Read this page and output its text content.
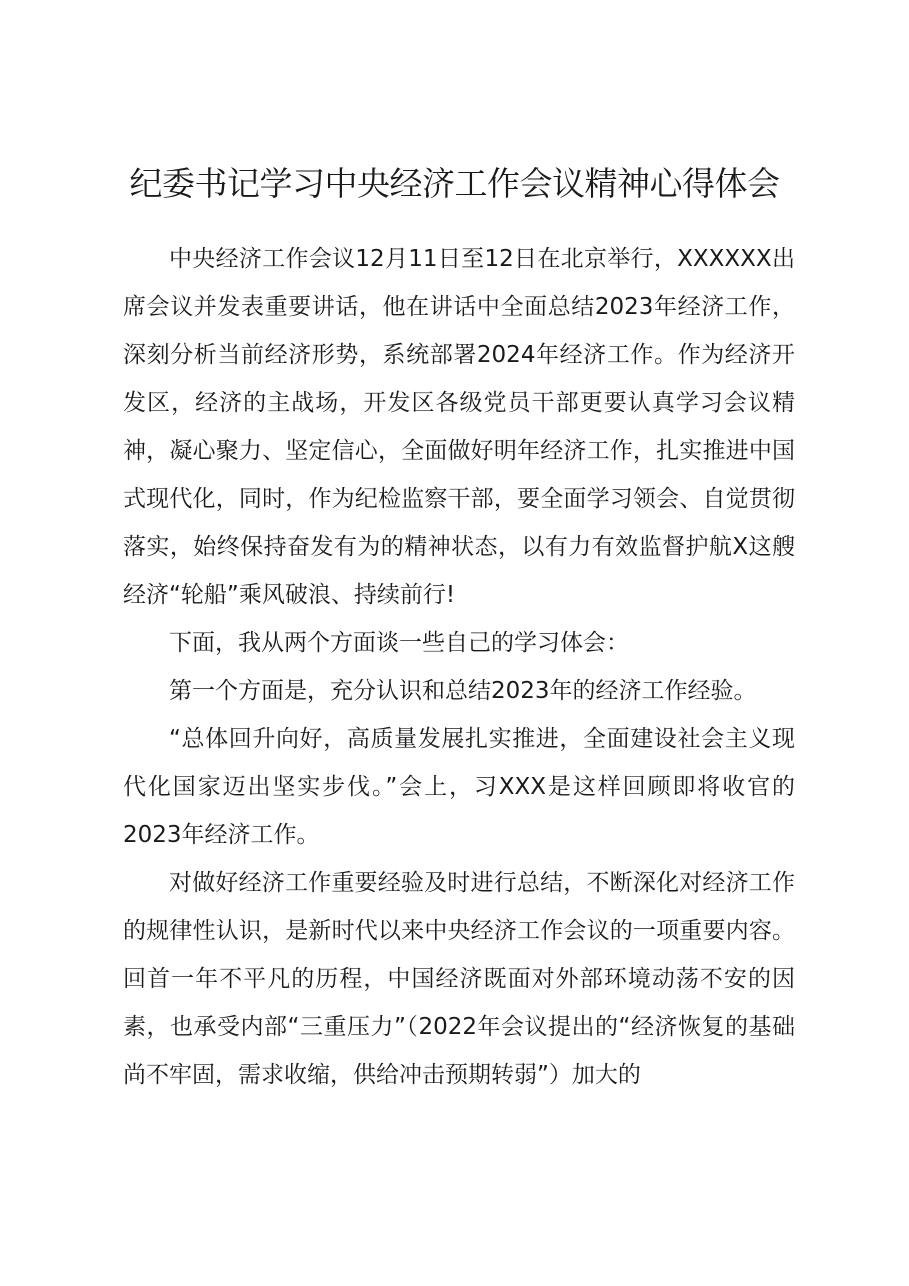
纪委书记学习中央经济工作会议精神心得体会

中央经济工作会议12月11日至12日在北京举行，XXXXXX出席会议并发表重要讲话，他在讲话中全面总结2023年经济工作，深刻分析当前经济形势，系统部署2024年经济工作。作为经济开发区，经济的主战场，开发区各级党员干部更要认真学习会议精神，凝心聚力、坚定信心，全面做好明年经济工作，扎实推进中国式现代化，同时，作为纪检监察干部，要全面学习领会、自觉贯彻落实，始终保持奋发有为的精神状态，以有力有效监督护航X这艘经济“轮船”乘风破浪、持续前行!

下面，我从两个方面谈一些自己的学习体会：

第一个方面是，充分认识和总结2023年的经济工作经验。

“总体回升向好，高质量发展扎实推进，全面建设社会主义现代化国家迈出坚实步伐。”会上，习XXX是这样回顾即将收官的2023年经济工作。

对做好经济工作重要经验及时进行总结，不断深化对经济工作的规律性认识，是新时代以来中央经济工作会议的一项重要内容。回首一年不平凡的历程，中国经济既面对外部环境动荡不安的因素，也承受内部“三重压力”（2022年会议提出的“经济恢复的基础尚不牢固，需求收缩，供给冲击预期转弱”）加大的
